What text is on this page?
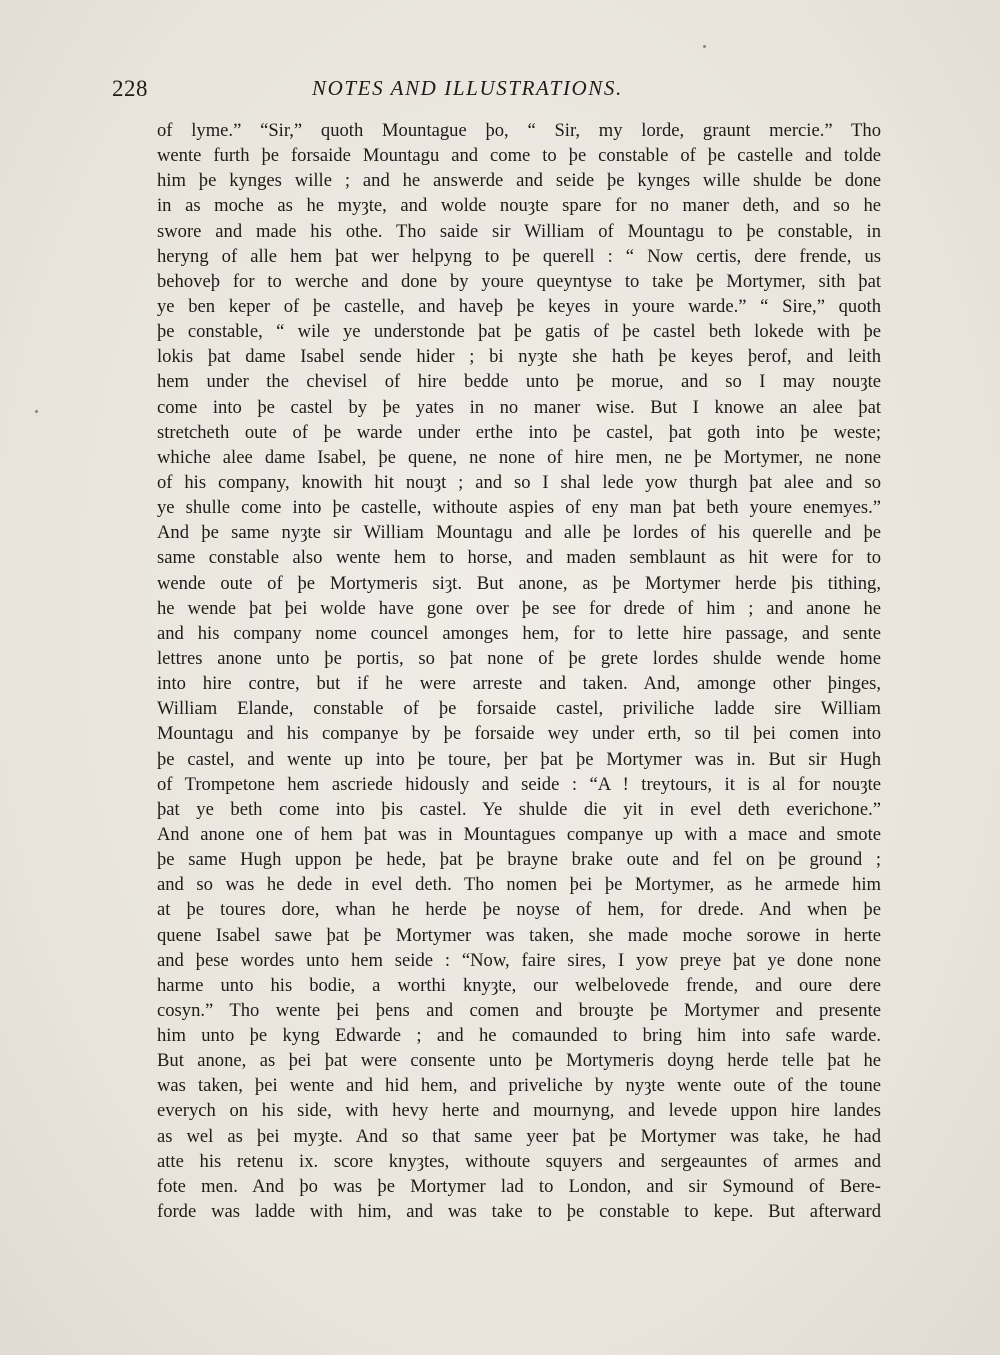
228	NOTES AND ILLUSTRATIONS.
of lyme.” “Sir,” quoth Mountague þo, “ Sir, my lorde, graunt mercie.” Tho
wente furth þe forsaide Mountagu and come to þe constable of þe castelle and tolde
him þe kynges wille ; and he answerde and seide þe kynges wille shulde be done
in as moche as he myȝte, and wolde nouȝte spare for no maner deth, and so he
swore and made his othe. Tho saide sir William of Mountagu to þe constable, in
heryng of alle hem þat wer helpyng to þe querell : “ Now certis, dere frende, us
behoveþ for to werche and done by youre queyntyse to take þe Mortymer, sith þat
ye ben keper of þe castelle, and haveþ þe keyes in youre warde.” “ Sire,” quoth
þe constable, “ wile ye understonde þat þe gatis of þe castel beth lokede with þe
lokis þat dame Isabel sende hider ; bi nyȝte she hath þe keyes þerof, and leith
hem under the chevisel of hire bedde unto þe morue, and so I may nouȝte
come into þe castel by þe yates in no maner wise. But I knowe an alee þat
stretcheth oute of þe warde under erthe into þe castel, þat goth into þe weste;
whiche alee dame Isabel, þe quene, ne none of hire men, ne þe Mortymer, ne none
of his company, knowith hit nouȝt ; and so I shal lede yow thurgh þat alee and so
ye shulle come into þe castelle, withoute aspies of eny man þat beth youre enemyes.”
And þe same nyȝte sir William Mountagu and alle þe lordes of his querelle and þe
same constable also wente hem to horse, and maden semblaunt as hit were for to
wende oute of þe Mortymeris siȝt. But anone, as þe Mortymer herde þis tithing,
he wende þat þei wolde have gone over þe see for drede of him ; and anone he
and his company nome councel amonges hem, for to lette hire passage, and sente
lettres anone unto þe portis, so þat none of þe grete lordes shulde wende home
into hire contre, but if he were arreste and taken. And, amonge other þinges,
William Elande, constable of þe forsaide castel, priviliche ladde sire William
Mountagu and his companye by þe forsaide wey under erth, so til þei comen into
þe castel, and wente up into þe toure, þer þat þe Mortymer was in. But sir Hugh
of Trompetone hem ascriede hidously and seide : “A ! treytours, it is al for nouȝte
þat ye beth come into þis castel. Ye shulde die yit in evel deth everichone.”
And anone one of hem þat was in Mountagues companye up with a mace and smote
þe same Hugh uppon þe hede, þat þe brayne brake oute and fel on þe ground ;
and so was he dede in evel deth. Tho nomen þei þe Mortymer, as he armede him
at þe toures dore, whan he herde þe noyse of hem, for drede. And when þe
quene Isabel sawe þat þe Mortymer was taken, she made moche sorowe in herte
and þese wordes unto hem seide : “Now, faire sires, I yow preye þat ye done none
harme unto his bodie, a worthi knyȝte, our welbelovede frende, and oure dere
cosyn.” Tho wente þei þens and comen and brouȝte þe Mortymer and presente
him unto þe kyng Edwarde ; and he comaunded to bring him into safe warde.
But anone, as þei þat were consente unto þe Mortymeris doyng herde telle þat he
was taken, þei wente and hid hem, and priveliche by nyȝte wente oute of the toune
everych on his side, with hevy herte and mournyng, and levede uppon hire landes
as wel as þei myȝte. And so that same yeer þat þe Mortymer was take, he had
atte his retenu ix. score knyȝtes, withoute squyers and sergeauntes of armes and
fote men. And þo was þe Mortymer lad to London, and sir Symound of Bere-
forde was ladde with him, and was take to þe constable to kepe. But afterward
